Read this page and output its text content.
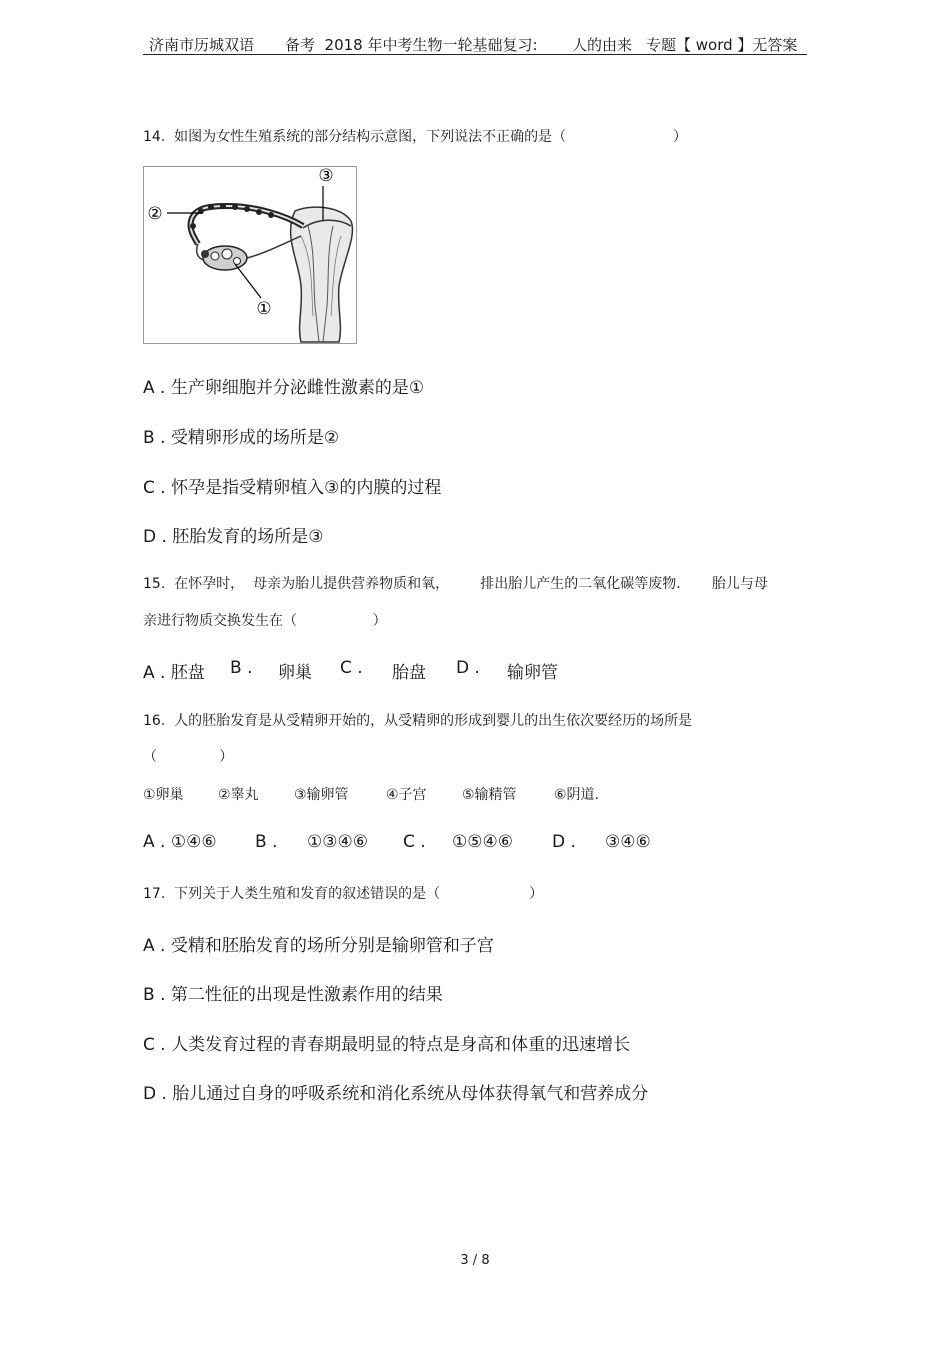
济南市历城双语

备考  2018 年中考生物一轮基础复习:

人的由来

专题【 word 】无答案

14.  如图为女性生殖系统的部分结构示意图，下列说法不正确的是（                        ）
③
②
①
A . 生产卵细胞并分泌雌性激素的是①
B . 受精卵形成的场所是②
C . 怀孕是指受精卵植入③的内膜的过程
D . 胚胎发育的场所是③
15.  在怀孕时，  母亲为胎儿提供营养物质和氧，       排出胎儿产生的二氧化碳等废物.       胎儿与母
亲进行物质交换发生在（                 ）
A . 胚盘 B . 卵巢 C . 胎盘 D . 输卵管
16.  人的胚胎发育是从受精卵开始的，从受精卵的形成到婴儿的出生依次要经历的场所是
（              ）
①卵巢 ②睾丸	③输卵管	④子宫	⑤输精管	⑥阴道.
A . ①④⑥ B . ①③④⑥ C . ①⑤④⑥ D . ③④⑥
17.  下列关于人类生殖和发育的叙述错误的是（                    ）
A . 受精和胚胎发育的场所分别是输卵管和子宫
B . 第二性征的出现是性激素作用的结果
C . 人类发育过程的青春期最明显的特点是身高和体重的迅速增长
D . 胎儿通过自身的呼吸系统和消化系统从母体获得氧气和营养成分
3 / 8
